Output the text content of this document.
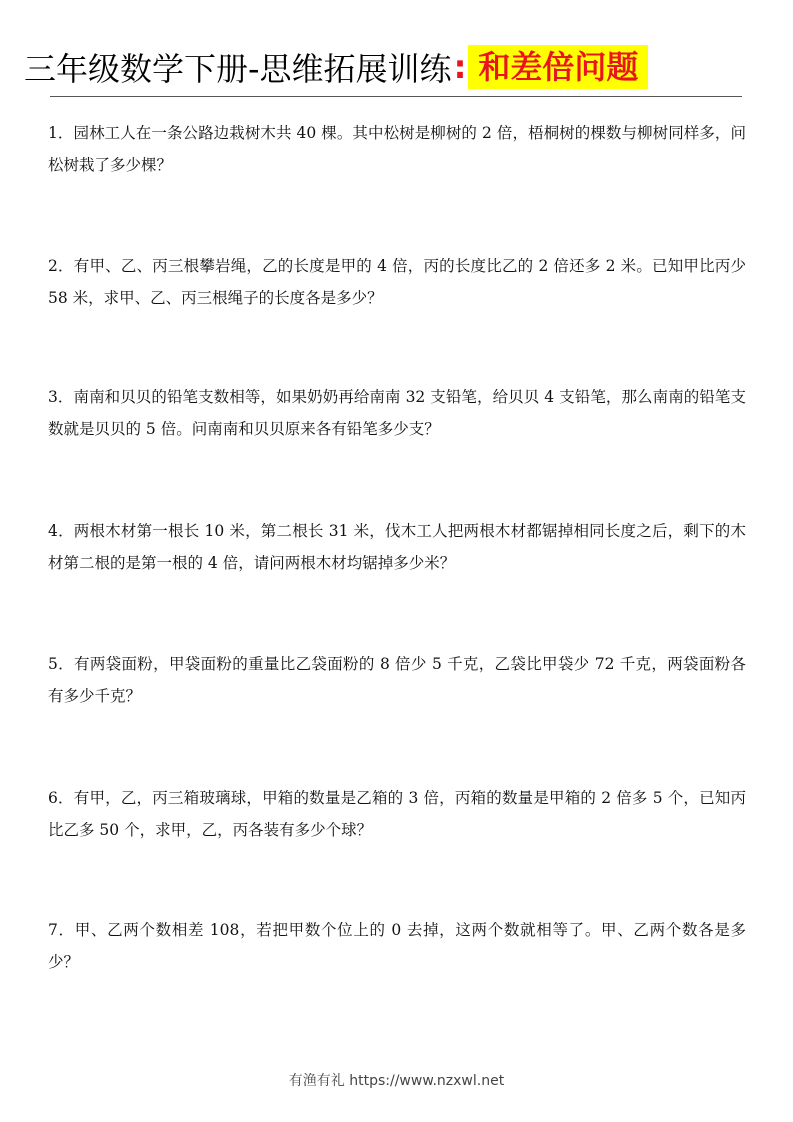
三年级数学下册-思维拓展训练 : 和差倍问题

1．园林工人在一条公路边栽树木共 40 棵。其中松树是柳树的 2 倍，梧桐树的棵数与柳树同样多，问松树栽了多少棵？

2．有甲、乙、丙三根攀岩绳，乙的长度是甲的 4 倍，丙的长度比乙的 2 倍还多 2 米。已知甲比丙少 58 米，求甲、乙、丙三根绳子的长度各是多少？

3．南南和贝贝的铅笔支数相等，如果奶奶再给南南 32 支铅笔，给贝贝 4 支铅笔，那么南南的铅笔支数就是贝贝的 5 倍。问南南和贝贝原来各有铅笔多少支？

4．两根木材第一根长 10 米，第二根长 31 米，伐木工人把两根木材都锯掉相同长度之后，剩下的木材第二根的是第一根的 4 倍，请问两根木材均锯掉多少米？

5．有两袋面粉，甲袋面粉的重量比乙袋面粉的 8 倍少 5 千克，乙袋比甲袋少 72 千克，两袋面粉各有多少千克？

6．有甲，乙，丙三箱玻璃球，甲箱的数量是乙箱的 3 倍，丙箱的数量是甲箱的 2 倍多 5 个，已知丙比乙多 50 个，求甲，乙，丙各装有多少个球？

7．甲、乙两个数相差 108，若把甲数个位上的 0 去掉，这两个数就相等了。甲、乙两个数各是多少？

有渔有礼 https://www.nzxwl.net
